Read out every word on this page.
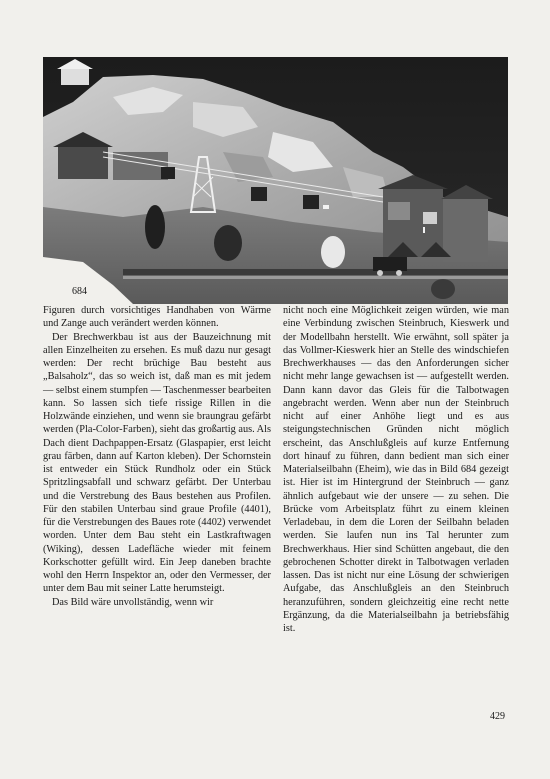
684

Figuren durch vorsichtiges Handhaben von Wärme und Zange auch verändert werden können.

Der Brechwerkbau ist aus der Bauzeichnung mit allen Einzelheiten zu ersehen. Es muß dazu nur gesagt werden: Der recht brüchige Bau besteht aus „Balsaholz“, das so weich ist, daß man es mit jedem — selbst einem stumpfen — Taschenmesser bearbeiten kann. So lassen sich tiefe rissige Rillen in die Holzwände einziehen, und wenn sie braungrau gefärbt werden (Pla-Color-Farben), sieht das großartig aus. Als Dach dient Dachpappen-Ersatz (Glaspapier, erst leicht grau färben, dann auf Karton kleben). Der Schornstein ist entweder ein Stück Rundholz oder ein Stück Spritzlingsabfall und schwarz gefärbt. Der Unterbau und die Verstrebung des Baus bestehen aus Profilen. Für den stabilen Unterbau sind graue Profile (4401), für die Verstrebungen des Baues rote (4402) verwendet worden. Unter dem Bau steht ein Lastkraftwagen (Wiking), dessen Ladefläche wieder mit feinem Korkschotter gefüllt wird. Ein Jeep daneben brachte wohl den Herrn Inspektor an, oder den Vermesser, der unter dem Bau mit seiner Latte herumsteigt.

Das Bild wäre unvollständig, wenn wir

nicht noch eine Möglichkeit zeigen würden, wie man eine Verbindung zwischen Steinbruch, Kieswerk und der Modellbahn herstellt. Wie erwähnt, soll später ja das Vollmer-Kieswerk hier an Stelle des windschiefen Brechwerkhauses — das den Anforderungen sicher nicht mehr lange gewachsen ist — aufgestellt werden. Dann kann davor das Gleis für die Talbotwagen angebracht werden. Wenn aber nun der Steinbruch nicht auf einer Anhöhe liegt und es aus steigungstechnischen Gründen nicht möglich erscheint, das Anschlußgleis auf kurze Entfernung dort hinauf zu führen, dann bedient man sich einer Materialseilbahn (Eheim), wie das in Bild 684 gezeigt ist. Hier ist im Hintergrund der Steinbruch — ganz ähnlich aufgebaut wie der unsere — zu sehen. Die Brücke vom Arbeitsplatz führt zu einem kleinen Verladebau, in dem die Loren der Seilbahn beladen werden. Sie laufen nun ins Tal herunter zum Brechwerkhaus. Hier sind Schütten angebaut, die den gebrochenen Schotter direkt in Talbotwagen verladen lassen. Das ist nicht nur eine Lösung der schwierigen Aufgabe, das Anschlußgleis an den Steinbruch heranzuführen, sondern gleichzeitig eine recht nette Ergänzung, da die Materialseilbahn ja betriebsfähig ist.

429
